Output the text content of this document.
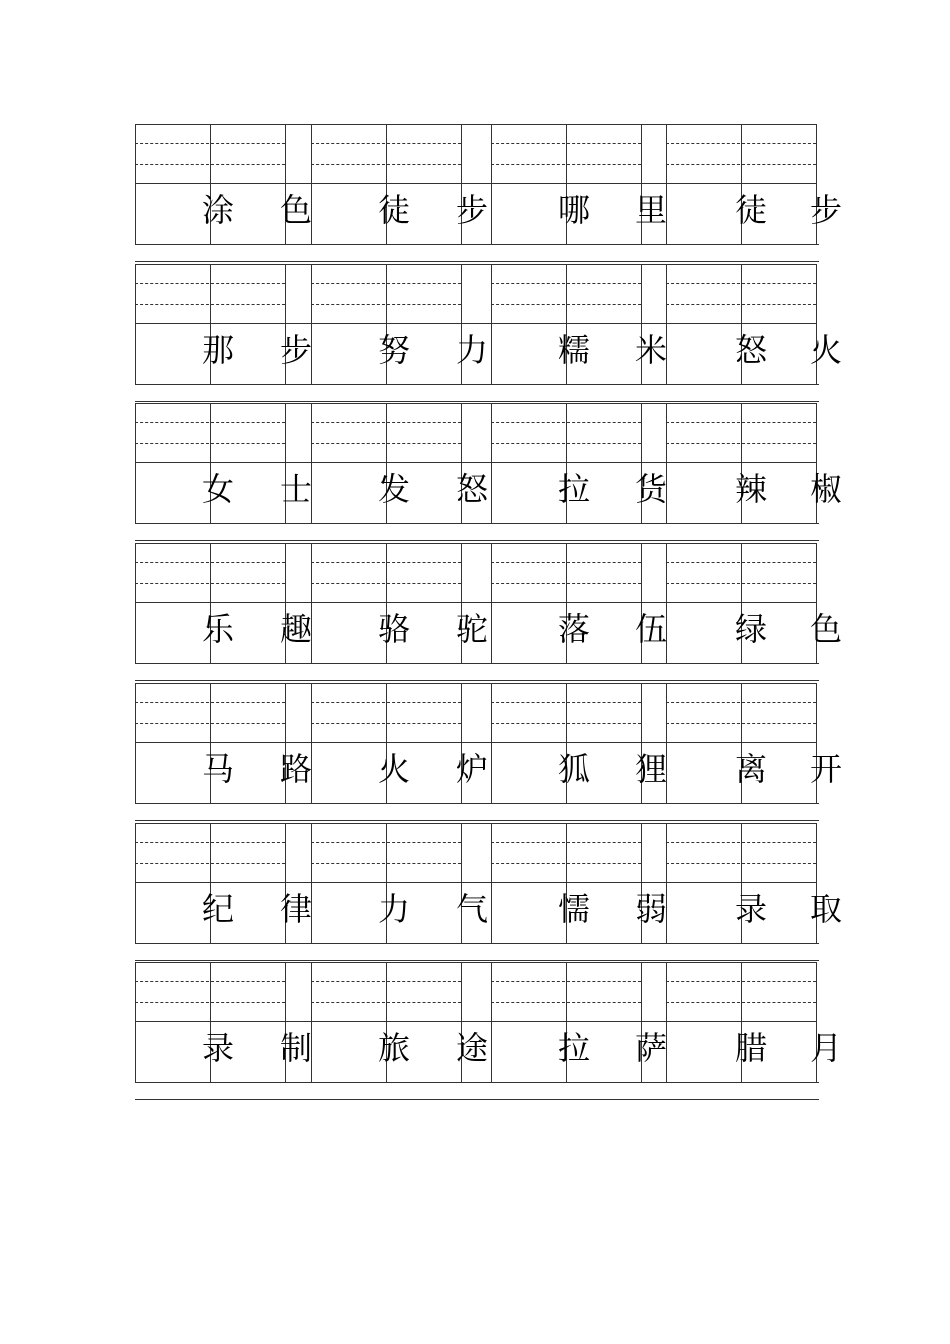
涂 色 徒 步 哪 里 徒 步
那 步 努 力 糯 米 怒 火
女 士 发 怒 拉 货 辣 椒
乐 趣 骆 驼 落 伍 绿 色
马 路 火 炉 狐 狸 离 开
纪 律 力 气 懦 弱 录 取
录 制 旅 途 拉 萨 腊 月
